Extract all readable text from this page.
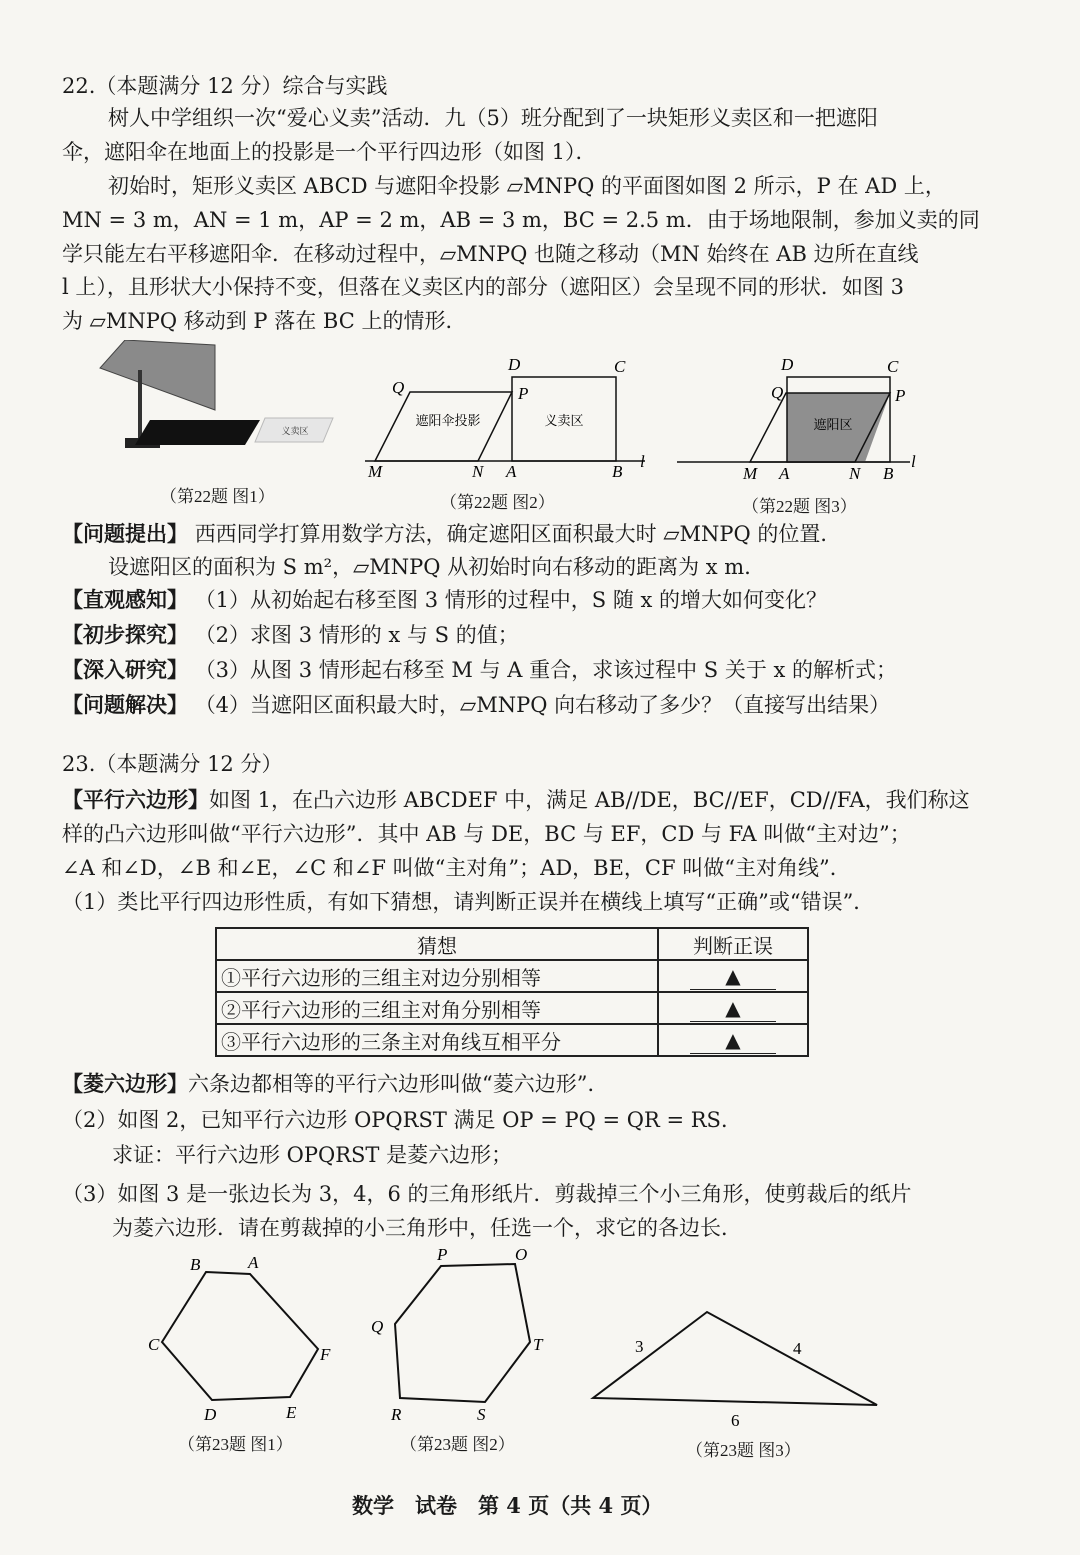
22.（本题满分 12 分）综合与实践
树人中学组织一次“爱心义卖”活动．九（5）班分配到了一块矩形义卖区和一把遮阳
伞，遮阳伞在地面上的投影是一个平行四边形（如图 1）．
初始时，矩形义卖区 ABCD 与遮阳伞投影 ▱MNPQ 的平面图如图 2 所示，P 在 AD 上，
MN = 3 m，AN = 1 m，AP = 2 m，AB = 3 m，BC = 2.5 m．由于场地限制，参加义卖的同
学只能左右平移遮阳伞．在移动过程中，▱MNPQ 也随之移动（MN 始终在 AB 边所在直线
l 上），且形状大小保持不变，但落在义卖区内的部分（遮阳区）会呈现不同的形状．如图 3
为 ▱MNPQ 移动到 P 落在 BC 上的情形．
义卖区
（第22题 图1）
遮阳伞投影	义卖区
Q	P
D	C
M	N A	B
l
（第22题 图2）
遮阳区
D	C
Q	P
M A	N B
l
（第22题 图3）
【问题提出】 西西同学打算用数学方法，确定遮阳区面积最大时 ▱MNPQ 的位置．
设遮阳区的面积为 S m²，▱MNPQ 从初始时向右移动的距离为 x m．
【直观感知】 （1）从初始起右移至图 3 情形的过程中，S 随 x 的增大如何变化？
【初步探究】 （2）求图 3 情形的 x 与 S 的值；
【深入研究】 （3）从图 3 情形起右移至 M 与 A 重合，求该过程中 S 关于 x 的解析式；
【问题解决】 （4）当遮阳区面积最大时，▱MNPQ 向右移动了多少？（直接写出结果）
23.（本题满分 12 分）
【平行六边形】如图 1，在凸六边形 ABCDEF 中，满足 AB//DE，BC//EF，CD//FA，我们称这
样的凸六边形叫做“平行六边形”．其中 AB 与 DE，BC 与 EF，CD 与 FA 叫做“主对边”；
∠A 和∠D，∠B 和∠E，∠C 和∠F 叫做“主对角”；AD，BE，CF 叫做“主对角线”．
（1）类比平行四边形性质，有如下猜想，请判断正误并在横线上填写“正确”或“错误”．
猜想	判断正误
①平行六边形的三组主对边分别相等	▲
②平行六边形的三组主对角分别相等	▲
③平行六边形的三条主对角线互相平分	▲
【菱六边形】六条边都相等的平行六边形叫做“菱六边形”．
（2）如图 2，已知平行六边形 OPQRST 满足 OP = PQ = QR = RS．
求证：平行六边形 OPQRST 是菱六边形；
（3）如图 3 是一张边长为 3，4，6 的三角形纸片．剪裁掉三个小三角形，使剪裁后的纸片
为菱六边形．请在剪裁掉的小三角形中，任选一个，求它的各边长．
A
B
C
D	E
F
（第23题 图1）
P	O
Q
R	S
T
（第23题 图2）
3	4
6
（第23题 图3）
数学　试卷　第 4 页（共 4 页）
